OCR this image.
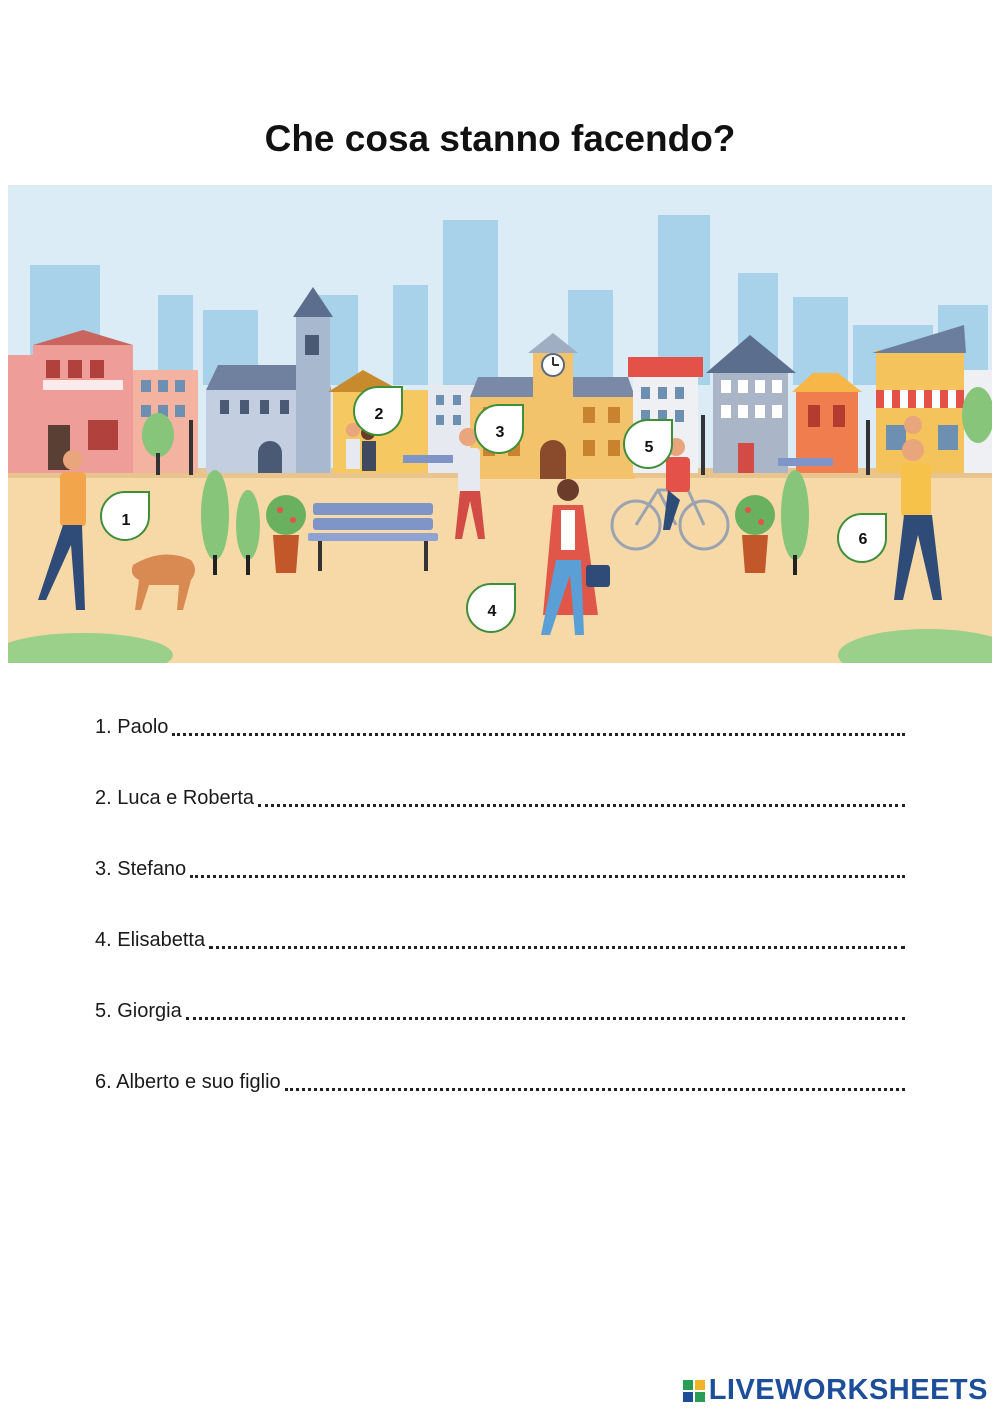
Che cosa stanno facendo?
1
2
3
4
5
6
1. Paolo
2. Luca e Roberta
3. Stefano
4. Elisabetta
5. Giorgia
6. Alberto e suo figlio
LIVEWORKSHEETS
